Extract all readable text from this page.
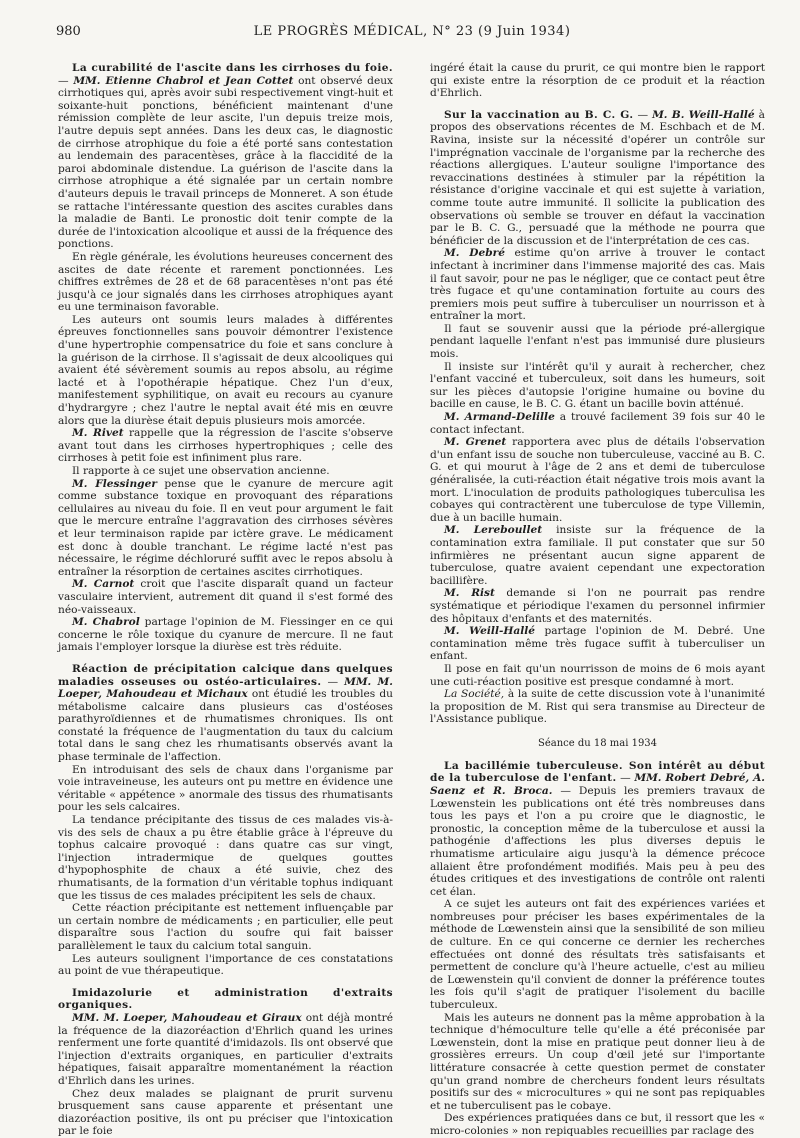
980	LE PROGRÈS MÉDICAL, N° 23 (9 Juin 1934)

La curabilité de l'ascite dans les cirrhoses du foie. — MM. Etienne Chabrol et Jean Cottet ont observé deux cirrhotiques qui, après avoir subi respectivement vingt-huit et soixante-huit ponctions, bénéficient maintenant d'une rémission complète de leur ascite, l'un depuis treize mois, l'autre depuis sept années. Dans les deux cas, le diagnostic de cirrhose atrophique du foie a été porté sans contestation au lendemain des paracentèses, grâce à la flaccidité de la paroi abdominale distendue. La guérison de l'ascite dans la cirrhose atrophique a été signalée par un certain nombre d'auteurs depuis le travail princeps de Monneret. A son étude se rattache l'intéressante question des ascites curables dans la maladie de Banti. Le pronostic doit tenir compte de la durée de l'intoxication alcoolique et aussi de la fréquence des ponctions.

En règle générale, les évolutions heureuses concernent des ascites de date récente et rarement ponctionnées. Les chiffres extrêmes de 28 et de 68 paracentèses n'ont pas été jusqu'à ce jour signalés dans les cirrhoses atrophiques ayant eu une terminaison favorable.

Les auteurs ont soumis leurs malades à différentes épreuves fonctionnelles sans pouvoir démontrer l'existence d'une hypertrophie compensatrice du foie et sans conclure à la guérison de la cirrhose. Il s'agissait de deux alcooliques qui avaient été sévèrement soumis au repos absolu, au régime lacté et à l'opothérapie hépatique. Chez l'un d'eux, manifestement syphilitique, on avait eu recours au cyanure d'hydrargyre ; chez l'autre le neptal avait été mis en œuvre alors que la diurèse était depuis plusieurs mois amorcée.

M. Rivet rappelle que la régression de l'ascite s'observe avant tout dans les cirrhoses hypertrophiques ; celle des cirrhoses à petit foie est infiniment plus rare.

Il rapporte à ce sujet une observation ancienne.

M. Flessinger pense que le cyanure de mercure agit comme substance toxique en provoquant des réparations cellulaires au niveau du foie. Il en veut pour argument le fait que le mercure entraîne l'aggravation des cirrhoses sévères et leur terminaison rapide par ictère grave. Le médicament est donc à double tranchant. Le régime lacté n'est pas nécessaire, le régime déchloruré suffit avec le repos absolu à entraîner la résorption de certaines ascites cirrhotiques.

M. Carnot croit que l'ascite disparaît quand un facteur vasculaire intervient, autrement dit quand il s'est formé des néo-vaisseaux.

M. Chabrol partage l'opinion de M. Fiessinger en ce qui concerne le rôle toxique du cyanure de mercure. Il ne faut jamais l'employer lorsque la diurèse est très réduite.

Réaction de précipitation calcique dans quelques maladies osseuses ou ostéo-articulaires. — MM. M. Loeper, Mahoudeau et Michaux ont étudié les troubles du métabolisme calcaire dans plusieurs cas d'ostéoses parathyroïdiennes et de rhumatismes chroniques. Ils ont constaté la fréquence de l'augmentation du taux du calcium total dans le sang chez les rhumatisants observés avant la phase terminale de l'affection.

En introduisant des sels de chaux dans l'organisme par voie intraveineuse, les auteurs ont pu mettre en évidence une véritable « appétence » anormale des tissus des rhumatisants pour les sels calcaires.

La tendance précipitante des tissus de ces malades vis-à-vis des sels de chaux a pu être établie grâce à l'épreuve du tophus calcaire provoqué : dans quatre cas sur vingt, l'injection intradermique de quelques gouttes d'hypophosphite de chaux a été suivie, chez des rhumatisants, de la formation d'un véritable tophus indiquant que les tissus de ces malades précipitent les sels de chaux.

Cette réaction précipitante est nettement influençable par un certain nombre de médicaments ; en particulier, elle peut disparaître sous l'action du soufre qui fait baisser parallèlement le taux du calcium total sanguin.

Les auteurs soulignent l'importance de ces constatations au point de vue thérapeutique.

Imidazolurie et administration d'extraits organiques.

MM. M. Loeper, Mahoudeau et Giraux ont déjà montré la fréquence de la diazoréaction d'Ehrlich quand les urines renferment une forte quantité d'imidazols. Ils ont observé que l'injection d'extraits organiques, en particulier d'extraits hépatiques, faisait apparaître momentanément la réaction d'Ehrlich dans les urines.

Chez deux malades se plaignant de prurit survenu brusquement sans cause apparente et présentant une diazoréaction positive, ils ont pu préciser que l'intoxication par le foie

ingéré était la cause du prurit, ce qui montre bien le rapport qui existe entre la résorption de ce produit et la réaction d'Ehrlich.

Sur la vaccination au B. C. G. — M. B. Weill-Hallé à propos des observations récentes de M. Eschbach et de M. Ravina, insiste sur la nécessité d'opérer un contrôle sur l'imprégnation vaccinale de l'organisme par la recherche des réactions allergiques. L'auteur souligne l'importance des revaccinations destinées à stimuler par la répétition la résistance d'origine vaccinale et qui est sujette à variation, comme toute autre immunité. Il sollicite la publication des observations où semble se trouver en défaut la vaccination par le B. C. G., persuadé que la méthode ne pourra que bénéficier de la discussion et de l'interprétation de ces cas.

M. Debré estime qu'on arrive à trouver le contact infectant à incriminer dans l'immense majorité des cas. Mais il faut savoir, pour ne pas le négliger, que ce contact peut être très fugace et qu'une contamination fortuite au cours des premiers mois peut suffire à tuberculiser un nourrisson et à entraîner la mort.

Il faut se souvenir aussi que la période pré-allergique pendant laquelle l'enfant n'est pas immunisé dure plusieurs mois.

Il insiste sur l'intérêt qu'il y aurait à rechercher, chez l'enfant vacciné et tuberculeux, soit dans les humeurs, soit sur les pièces d'autopsie l'origine humaine ou bovine du bacille en cause, le B. C. G. étant un bacille bovin atténué.

M. Armand-Delille a trouvé facilement 39 fois sur 40 le contact infectant.

M. Grenet rapportera avec plus de détails l'observation d'un enfant issu de souche non tuberculeuse, vacciné au B. C. G. et qui mourut à l'âge de 2 ans et demi de tuberculose généralisée, la cuti-réaction était négative trois mois avant la mort. L'inoculation de produits pathologiques tuberculisa les cobayes qui contractèrent une tuberculose de type Villemin, due à un bacille humain.

M. Lereboullet insiste sur la fréquence de la contamination extra familiale. Il put constater que sur 50 infirmières ne présentant aucun signe apparent de tuberculose, quatre avaient cependant une expectoration bacillifère.

M. Rist demande si l'on ne pourrait pas rendre systématique et périodique l'examen du personnel infirmier des hôpitaux d'enfants et des maternités.

M. Weill-Hallé partage l'opinion de M. Debré. Une contamination même très fugace suffit à tuberculiser un enfant.

Il pose en fait qu'un nourrisson de moins de 6 mois ayant une cuti-réaction positive est presque condamné à mort.

La Société, à la suite de cette discussion vote à l'unanimité la proposition de M. Rist qui sera transmise au Directeur de l'Assistance publique.

Séance du 18 mai 1934

La bacillémie tuberculeuse. Son intérêt au début de la tuberculose de l'enfant. — MM. Robert Debré, A. Saenz et R. Broca. — Depuis les premiers travaux de Lœwenstein les publications ont été très nombreuses dans tous les pays et l'on a pu croire que le diagnostic, le pronostic, la conception même de la tuberculose et aussi la pathogénie d'affections les plus diverses depuis le rhumatisme articulaire aigu jusqu'à la démence précoce allaient être profondément modifiés. Mais peu à peu des études critiques et des investigations de contrôle ont ralenti cet élan.

A ce sujet les auteurs ont fait des expériences variées et nombreuses pour préciser les bases expérimentales de la méthode de Lœwenstein ainsi que la sensibilité de son milieu de culture. En ce qui concerne ce dernier les recherches effectuées ont donné des résultats très satisfaisants et permettent de conclure qu'à l'heure actuelle, c'est au milieu de Lœwenstein qu'il convient de donner la préférence toutes les fois qu'il s'agit de pratiquer l'isolement du bacille tuberculeux.

Mais les auteurs ne donnent pas la même approbation à la technique d'hémoculture telle qu'elle a été préconisée par Lœwenstein, dont la mise en pratique peut donner lieu à de grossières erreurs. Un coup d'œil jeté sur l'importante littérature consacrée à cette question permet de constater qu'un grand nombre de chercheurs fondent leurs résultats positifs sur des « microcultures » qui ne sont pas repiquables et ne tuberculisent pas le cobaye.

Des expériences pratiquées dans ce but, il ressort que les « micro-colonies » non repiquables recueillies par raclage des
